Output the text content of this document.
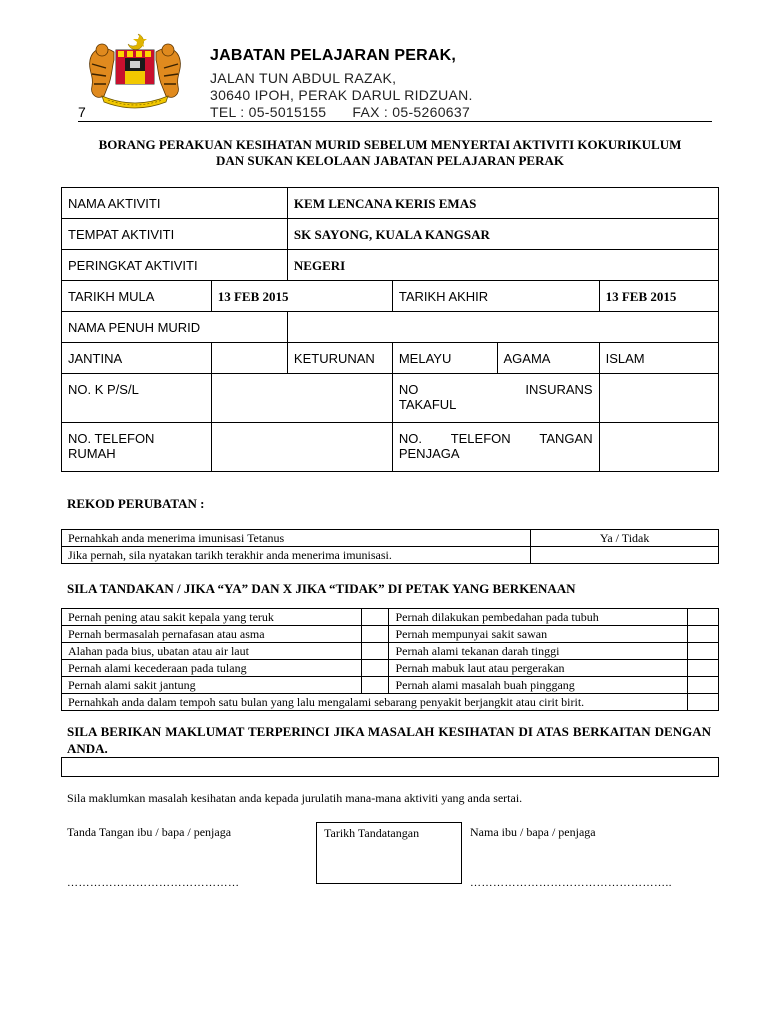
7
JABATAN PELAJARAN PERAK,
JALAN TUN ABDUL RAZAK,
30640 IPOH, PERAK DARUL RIDZUAN.
TEL : 05-5015155 FAX : 05-5260637
BORANG PERAKUAN KESIHATAN MURID SEBELUM MENYERTAI AKTIVITI KOKURIKULUM
DAN SUKAN KELOLAAN JABATAN PELAJARAN PERAK
NAMA AKTIVITI		KEM LENCANA KERIS EMAS			
TEMPAT AKTIVITI		SK SAYONG, KUALA KANGSAR			
PERINGKAT AKTIVITI		NEGERI			
TARIKH MULA	13 FEB 2015		TARIKH AKHIR		13 FEB 2015
NAMA PENUH MURID					
JANTINA		KETURUNAN	MELAYU	AGAMA	ISLAM
NO. K P/S/L			NO INSURANS
TAKAFUL		

NO. TELEFON RUMAH			NO. TELEFON TANGAN
PENJAGA		

REKOD PERUBATAN :
Pernahkah anda menerima imunisasi Tetanus	Ya / Tidak
Jika pernah, sila nyatakan tarikh terakhir anda menerima imunisasi.	
SILA TANDAKAN / JIKA “YA” DAN X JIKA “TIDAK” DI PETAK YANG BERKENAAN
Pernah pening atau sakit kepala yang teruk		Pernah dilakukan pembedahan pada tubuh	
Pernah bermasalah pernafasan atau asma		Pernah mempunyai sakit sawan	
Alahan pada bius, ubatan atau air laut		Pernah alami tekanan darah tinggi	
Pernah alami kecederaan pada tulang		Pernah mabuk laut atau pergerakan	
Pernah alami sakit jantung		Pernah alami masalah buah pinggang	
Pernahkah anda dalam tempoh satu bulan yang lalu mengalami sebarang penyakit berjangkit atau cirit birit.			
SILA BERIKAN MAKLUMAT TERPERINCI JIKA MASALAH KESIHATAN DI ATAS BERKAITAN DENGAN ANDA.
Sila maklumkan masalah kesihatan anda kepada jurulatih mana-mana aktiviti yang anda sertai.
Tanda Tangan ibu / bapa / penjaga	Tarikh Tandatangan	Nama ibu / bapa / penjaga
………………………………………	……………………………………………..
